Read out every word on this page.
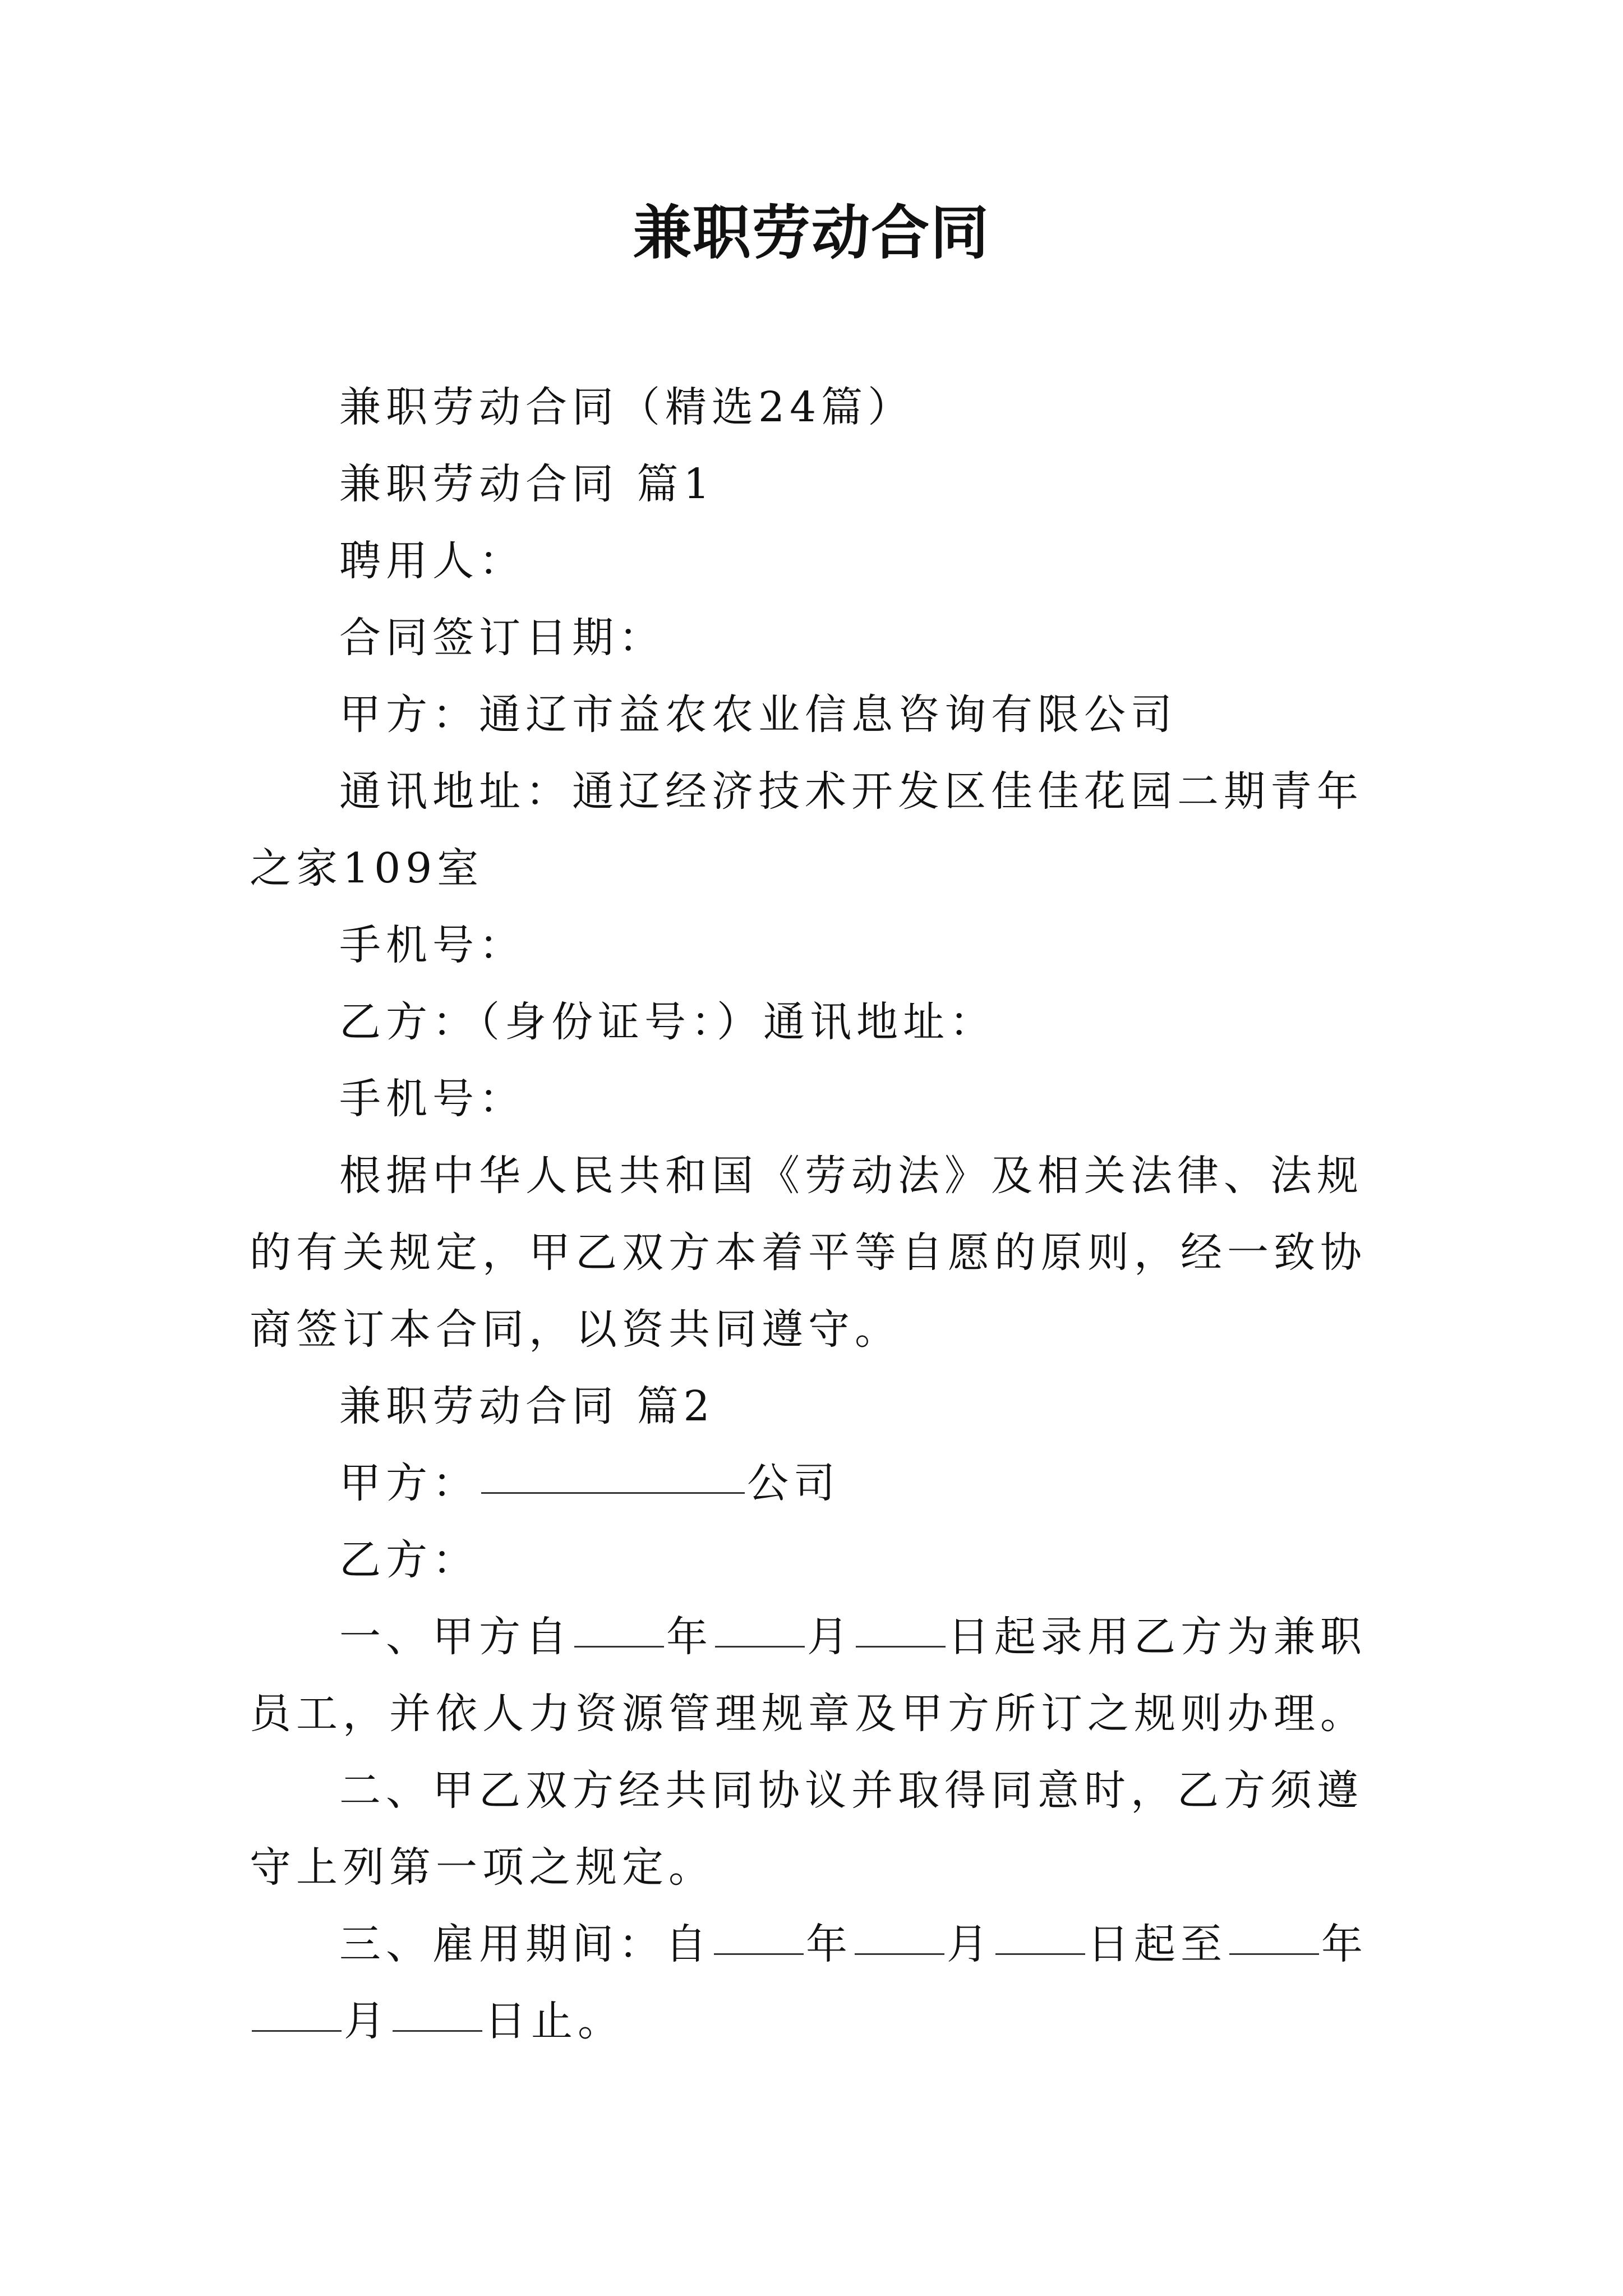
兼职劳动合同

兼职劳动合同（精选24篇）

兼职劳动合同 篇1

聘用人：

合同签订日期：

甲方：通辽市益农农业信息咨询有限公司

通讯地址：通辽经济技术开发区佳佳花园二期青年之家109室

手机号：

乙方：（身份证号：）通讯地址：

手机号：

根据中华人民共和国《劳动法》及相关法律、法规的有关规定，甲乙双方本着平等自愿的原则，经一致协商签订本合同，以资共同遵守。

兼职劳动合同 篇2

甲方：	公司

乙方：

一、甲方自 年 月 日起录用乙方为兼职员工，并依人力资源管理规章及甲方所订之规则办理。

二、甲乙双方经共同协议并取得同意时，乙方须遵守上列第一项之规定。

三、雇用期间：自 年 月 日起至 年月 日止。
